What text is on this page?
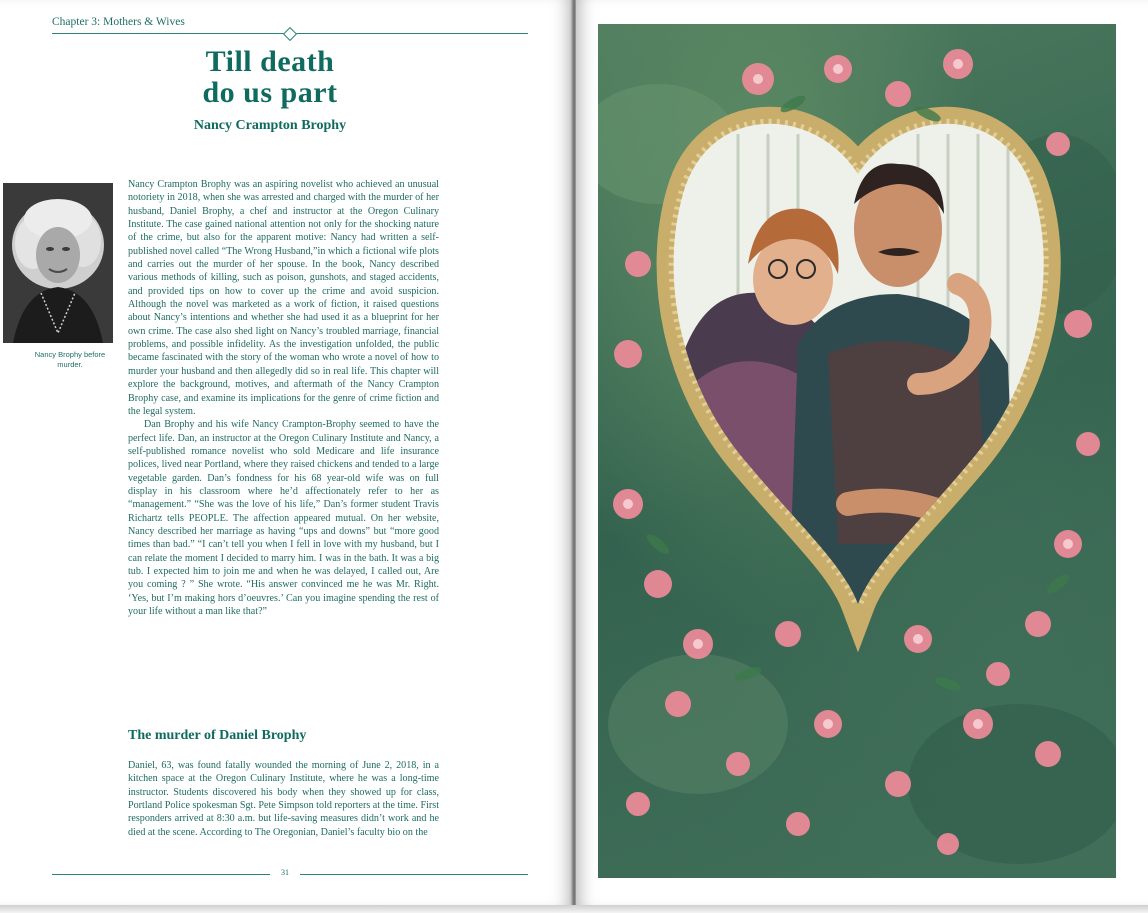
Chapter 3: Mothers & Wives
Till death
do us part
Nancy Crampton Brophy
Nancy Brophy before murder.

Nancy Crampton Brophy was an aspiring novelist who achieved an unusual notoriety in 2018, when she was arrested and charged with the murder of her husband, Daniel Brophy, a chef and instructor at the Oregon Culinary Institute. The case gained national attention not only for the shocking nature of the crime, but also for the apparent motive: Nancy had written a self-published novel called “The Wrong Husband,”in which a fictional wife plots and carries out the murder of her spouse. In the book, Nancy described various methods of killing, such as poison, gunshots, and staged accidents, and provided tips on how to cover up the crime and avoid suspicion. Although the novel was marketed as a work of fiction, it raised questions about Nancy’s intentions and whether she had used it as a blueprint for her own crime. The case also shed light on Nancy’s troubled marriage, financial problems, and possible infidelity. As the investigation unfolded, the public became fascinated with the story of the woman who wrote a novel of how to murder your husband and then allegedly did so in real life. This chapter will explore the background, motives, and aftermath of the Nancy Crampton Brophy case, and examine its implications for the genre of crime fiction and the legal system.

Dan Brophy and his wife Nancy Crampton-Brophy seemed to have the perfect life. Dan, an instructor at the Oregon Culinary Institute and Nancy, a self-published romance novelist who sold Medicare and life insurance polices, lived near Portland, where they raised chickens and tended to a large vegetable garden. Dan’s fondness for his 68 year-old wife was on full display in his classroom where he’d affectionately refer to her as “management.” “She was the love of his life,” Dan’s former student Travis Richartz tells PEOPLE. The affection appeared mutual. On her website, Nancy described her marriage as having “ups and downs” but “more good times than bad.” “I can’t tell you when I fell in love with my husband, but I can relate the moment I decided to marry him. I was in the bath. It was a big tub. I expected him to join me and when he was delayed, I called out, Are you coming ? ” She wrote. “His answer convinced me he was Mr. Right. ‘Yes, but I’m making hors d’oeuvres.’ Can you imagine spending the rest of your life without a man like that?”

The murder of Daniel Brophy

Daniel, 63, was found fatally wounded the morning of June 2, 2018, in a kitchen space at the Oregon Culinary Institute, where he was a long-time instructor. Students discovered his body when they showed up for class, Portland Police spokesman Sgt. Pete Simpson told reporters at the time. First responders arrived at 8:30 a.m. but life-saving measures didn’t work and he died at the scene. According to The Oregonian, Daniel’s faculty bio on the

31
